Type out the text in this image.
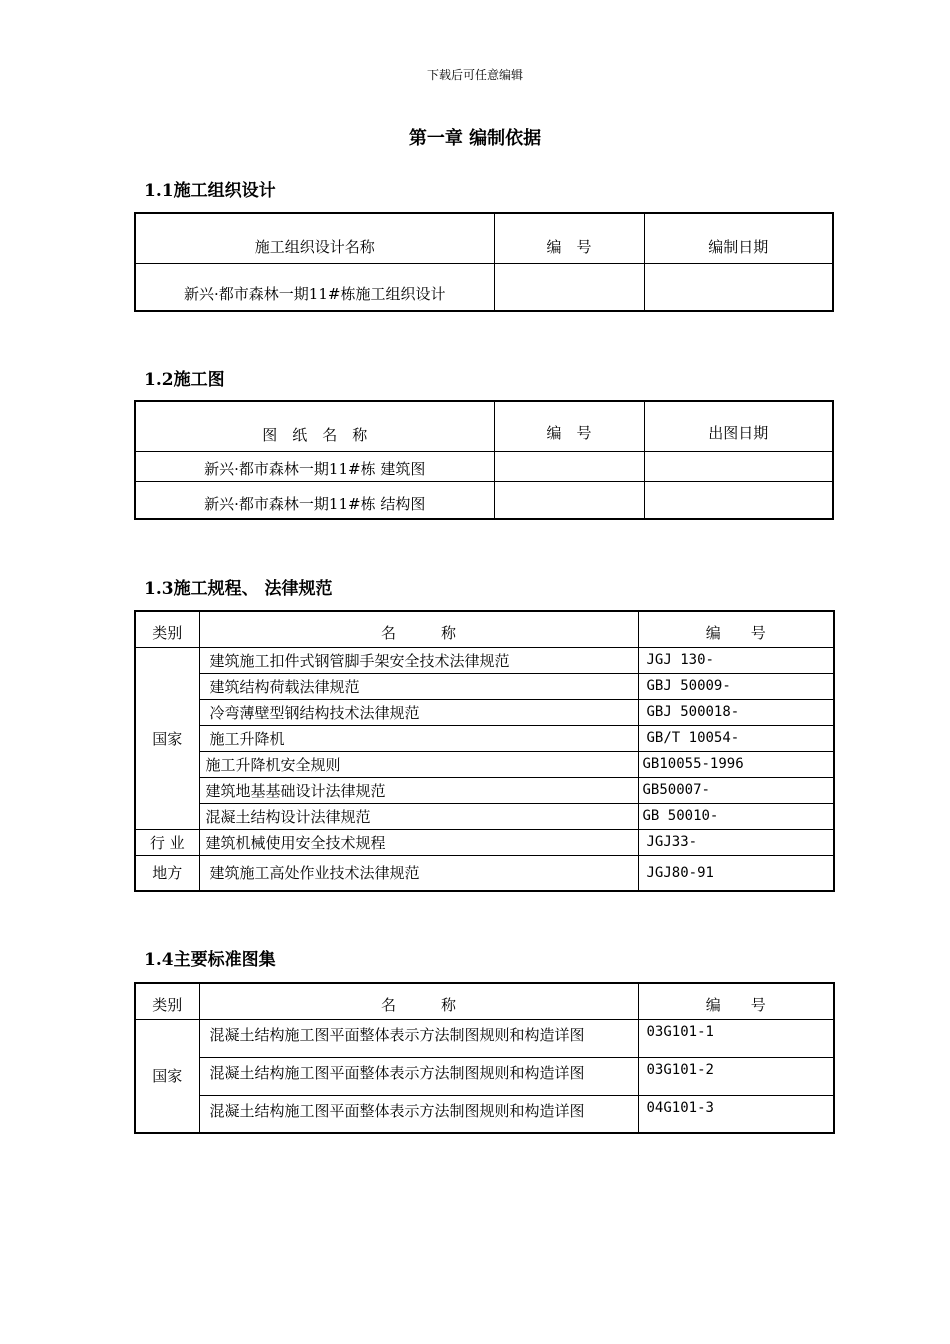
下载后可任意编辑
第一章 编制依据
1.1施工组织设计
施工组织设计名称	编　号	编制日期
新兴·都市森林一期11#栋施工组织设计		
1.2施工图
图　纸　名　称	编　号	出图日期
新兴·都市森林一期11#栋 建筑图		
新兴·都市森林一期11#栋 结构图		
1.3施工规程、 法律规范
类别	名　　　称	编　　号
国家	建筑施工扣件式钢管脚手架安全技术法律规范	JGJ 130-
	建筑结构荷载法律规范	GBJ 50009-
	冷弯薄壁型钢结构技术法律规范	GBJ 500018-
	施工升降机	GB/T 10054-
	施工升降机安全规则	GB10055-1996
	建筑地基基础设计法律规范	GB50007-
	混凝土结构设计法律规范	GB 50010-
行 业	建筑机械使用安全技术规程	JGJ33-
地方	建筑施工高处作业技术法律规范	JGJ80-91
1.4主要标准图集
类别	名　　　称	编　　号
国家	混凝土结构施工图平面整体表示方法制图规则和构造详图	03G101-1
	混凝土结构施工图平面整体表示方法制图规则和构造详图	03G101-2
	混凝土结构施工图平面整体表示方法制图规则和构造详图	04G101-3
